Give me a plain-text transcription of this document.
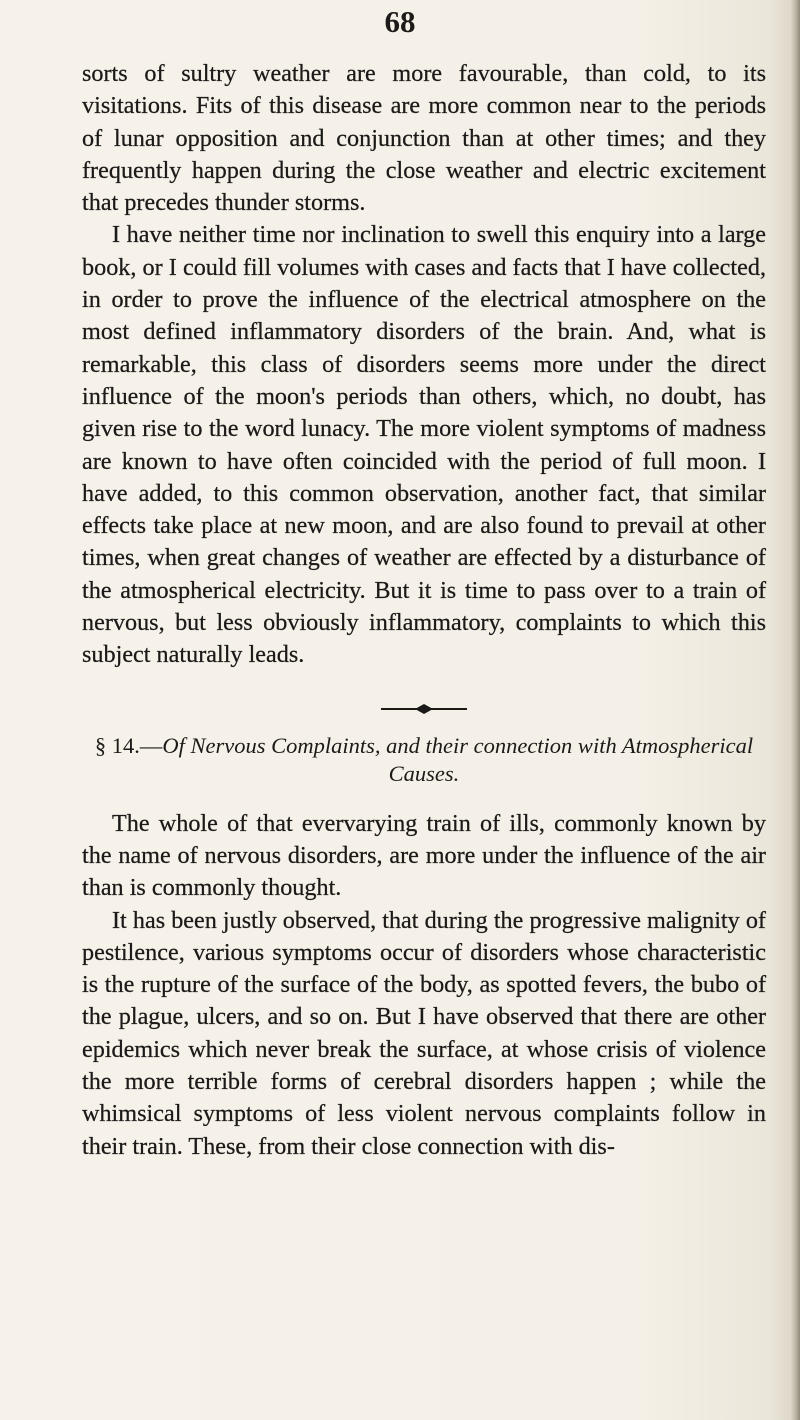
68

sorts of sultry weather are more favourable, than cold, to its visitations. Fits of this disease are more common near to the periods of lunar opposition and conjunction than at other times; and they frequently happen during the close weather and electric excitement that precedes thunder storms.

I have neither time nor inclination to swell this enquiry into a large book, or I could fill volumes with cases and facts that I have collected, in order to prove the influence of the electrical atmosphere on the most defined inflammatory disorders of the brain. And, what is remarkable, this class of disorders seems more under the direct influence of the moon's periods than others, which, no doubt, has given rise to the word lunacy. The more violent symptoms of madness are known to have often coincided with the period of full moon. I have added, to this common observation, another fact, that similar effects take place at new moon, and are also found to prevail at other times, when great changes of weather are effected by a disturbance of the atmospherical electricity. But it is time to pass over to a train of nervous, but less obviously inflammatory, complaints to which this subject naturally leads.

§ 14.—Of Nervous Complaints, and their connection with Atmospherical Causes.

The whole of that evervarying train of ills, commonly known by the name of nervous disorders, are more under the influence of the air than is commonly thought.

It has been justly observed, that during the progressive malignity of pestilence, various symptoms occur of disorders whose characteristic is the rupture of the surface of the body, as spotted fevers, the bubo of the plague, ulcers, and so on. But I have observed that there are other epidemics which never break the surface, at whose crisis of violence the more terrible forms of cerebral disorders happen ; while the whimsical symptoms of less violent nervous complaints follow in their train. These, from their close connection with dis-
